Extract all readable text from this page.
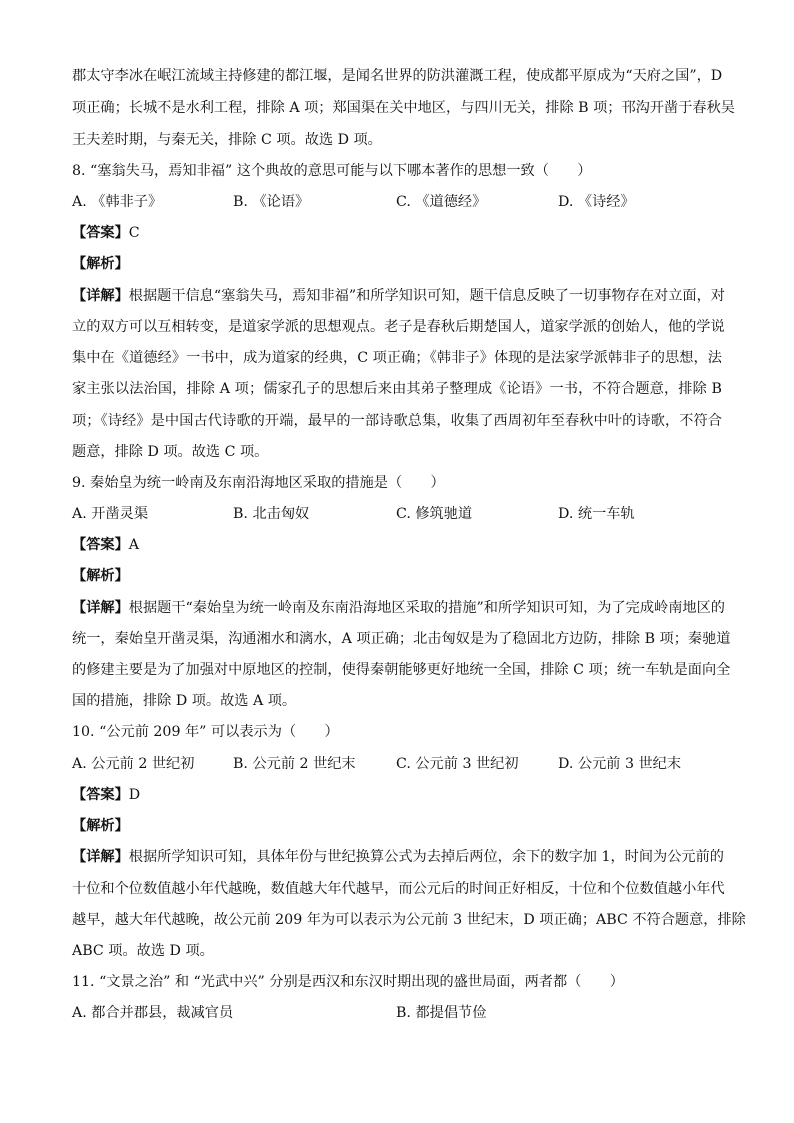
郡太守李冰在岷江流域主持修建的都江堰，是闻名世界的防洪灌溉工程，使成都平原成为“天府之国”，D
项正确；长城不是水利工程，排除 A 项；郑国渠在关中地区，与四川无关，排除 B 项；邗沟开凿于春秋吴
王夫差时期，与秦无关，排除 C 项。故选 D 项。
8. “塞翁失马，焉知非福” 这个典故的意思可能与以下哪本著作的思想一致（　　）
A. 《韩非子》	B. 《论语》	C. 《道德经》	D. 《诗经》
【答案】C
【解析】
【详解】根据题干信息“塞翁失马，焉知非福”和所学知识可知，题干信息反映了一切事物存在对立面，对
立的双方可以互相转变，是道家学派的思想观点。老子是春秋后期楚国人，道家学派的创始人，他的学说
集中在《道德经》一书中，成为道家的经典，C 项正确；《韩非子》体现的是法家学派韩非子的思想，法
家主张以法治国，排除 A 项；儒家孔子的思想后来由其弟子整理成《论语》一书，不符合题意，排除 B
项；《诗经》是中国古代诗歌的开端，最早的一部诗歌总集，收集了西周初年至春秋中叶的诗歌，不符合
题意，排除 D 项。故选 C 项。
9. 秦始皇为统一岭南及东南沿海地区采取的措施是（　　）
A. 开凿灵渠	B. 北击匈奴	C. 修筑驰道	D. 统一车轨
【答案】A
【解析】
【详解】根据题干“秦始皇为统一岭南及东南沿海地区采取的措施”和所学知识可知，为了完成岭南地区的
统一，秦始皇开凿灵渠，沟通湘水和漓水，A 项正确；北击匈奴是为了稳固北方边防，排除 B 项；秦驰道
的修建主要是为了加强对中原地区的控制，使得秦朝能够更好地统一全国，排除 C 项；统一车轨是面向全
国的措施，排除 D 项。故选 A 项。
10. “公元前 209 年” 可以表示为（　　）
A. 公元前 2 世纪初	B. 公元前 2 世纪末	C. 公元前 3 世纪初	D. 公元前 3 世纪末
【答案】D
【解析】
【详解】根据所学知识可知，具体年份与世纪换算公式为去掉后两位，余下的数字加 1，时间为公元前的
十位和个位数值越小年代越晚，数值越大年代越早，而公元后的时间正好相反，十位和个位数值越小年代
越早，越大年代越晚，故公元前 209 年为可以表示为公元前 3 世纪末，D 项正确；ABC 不符合题意，排除
ABC 项。故选 D 项。
11. “文景之治” 和 “光武中兴” 分别是西汉和东汉时期出现的盛世局面，两者都（　　）
A. 都合并郡县，裁减官员	B. 都提倡节俭
